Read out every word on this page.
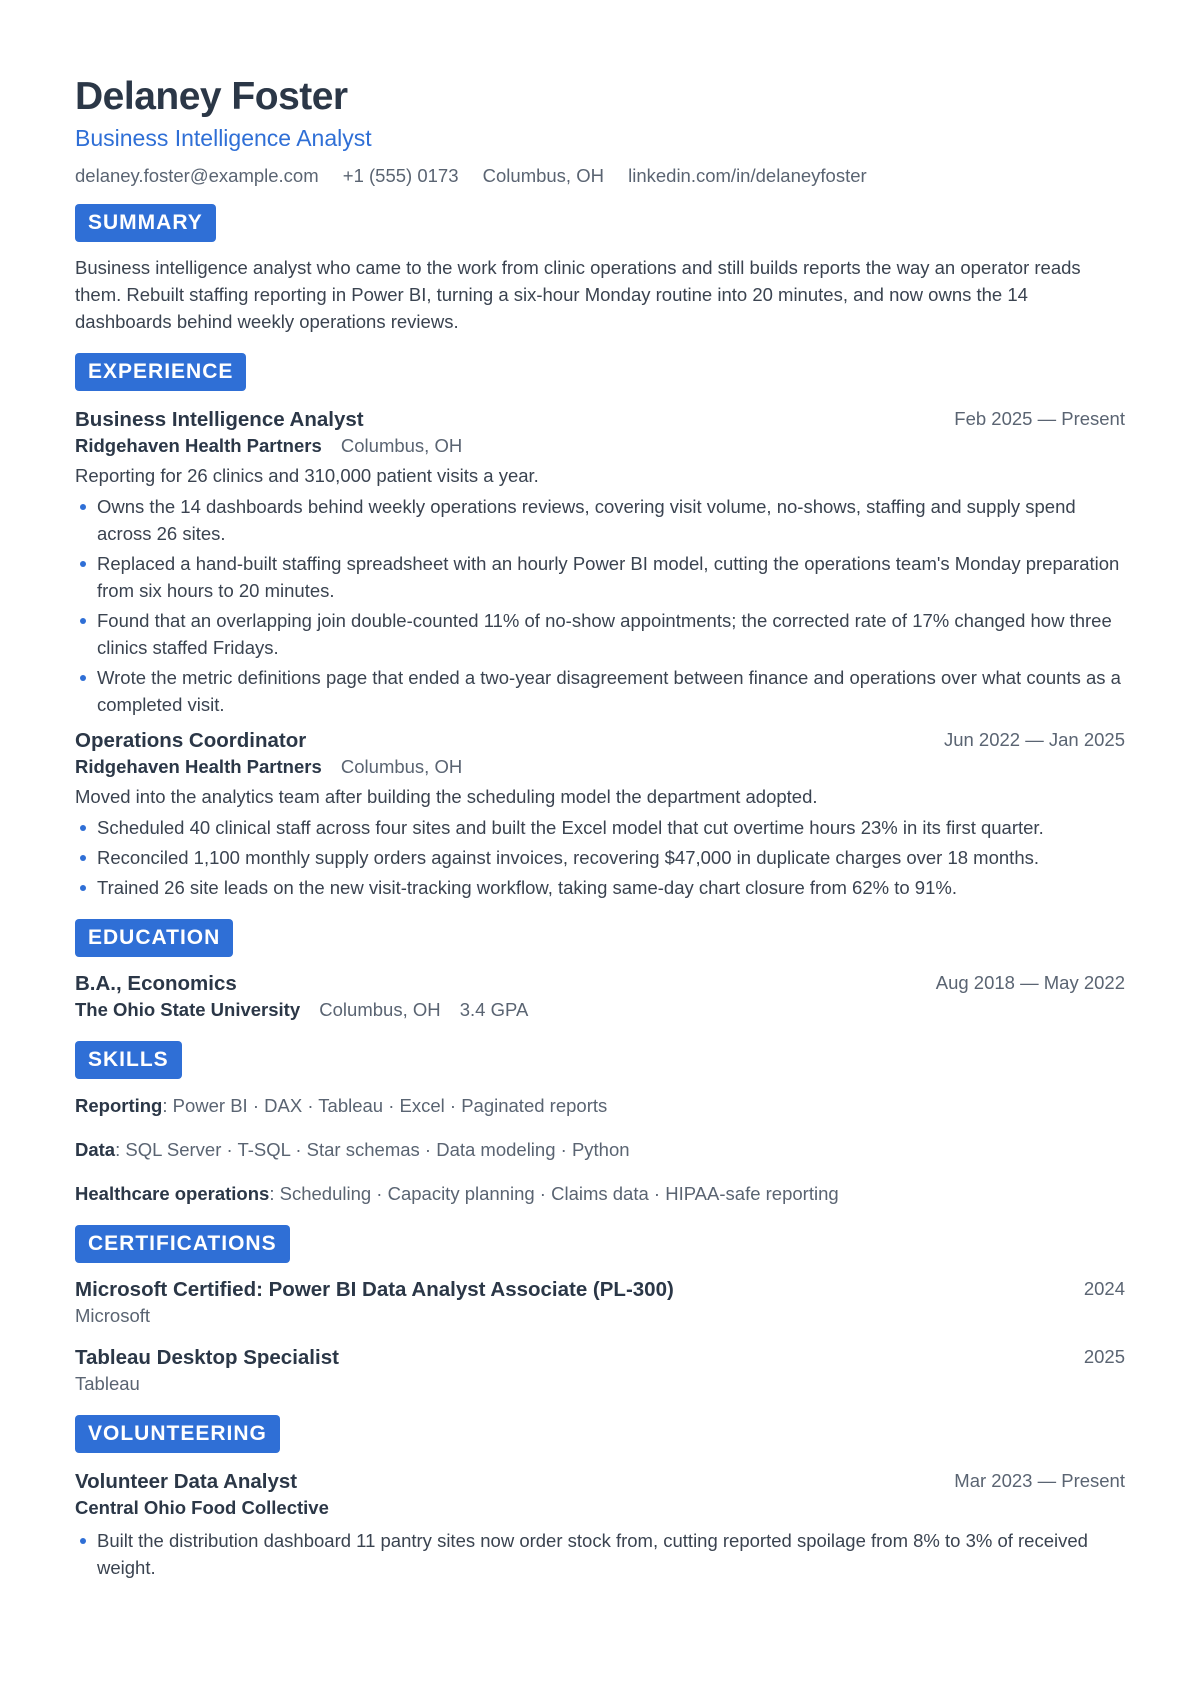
Delaney Foster
Business Intelligence Analyst
delaney.foster@example.com +1 (555) 0173 Columbus, OH linkedin.com/in/delaneyfoster
SUMMARY
Business intelligence analyst who came to the work from clinic operations and still builds reports the way an operator reads them. Rebuilt staffing reporting in Power BI, turning a six-hour Monday routine into 20 minutes, and now owns the 14 dashboards behind weekly operations reviews.
EXPERIENCE
Business Intelligence Analyst	Feb 2025 — Present
Ridgehaven Health Partners Columbus, OH
Reporting for 26 clinics and 310,000 patient visits a year.
Owns the 14 dashboards behind weekly operations reviews, covering visit volume, no-shows, staffing and supply spend across 26 sites.
Replaced a hand-built staffing spreadsheet with an hourly Power BI model, cutting the operations team's Monday preparation from six hours to 20 minutes.
Found that an overlapping join double-counted 11% of no-show appointments; the corrected rate of 17% changed how three clinics staffed Fridays.
Wrote the metric definitions page that ended a two-year disagreement between finance and operations over what counts as a completed visit.
Operations Coordinator	Jun 2022 — Jan 2025
Ridgehaven Health Partners Columbus, OH
Moved into the analytics team after building the scheduling model the department adopted.
Scheduled 40 clinical staff across four sites and built the Excel model that cut overtime hours 23% in its first quarter.
Reconciled 1,100 monthly supply orders against invoices, recovering $47,000 in duplicate charges over 18 months.
Trained 26 site leads on the new visit-tracking workflow, taking same-day chart closure from 62% to 91%.
EDUCATION
B.A., Economics	Aug 2018 — May 2022
The Ohio State University Columbus, OH 3.4 GPA
SKILLS
Reporting: Power BI · DAX · Tableau · Excel · Paginated reports
Data: SQL Server · T-SQL · Star schemas · Data modeling · Python
Healthcare operations: Scheduling · Capacity planning · Claims data · HIPAA-safe reporting
CERTIFICATIONS
Microsoft Certified: Power BI Data Analyst Associate (PL-300)	2024
Microsoft
Tableau Desktop Specialist	2025
Tableau
VOLUNTEERING
Volunteer Data Analyst	Mar 2023 — Present
Central Ohio Food Collective
Built the distribution dashboard 11 pantry sites now order stock from, cutting reported spoilage from 8% to 3% of received weight.
